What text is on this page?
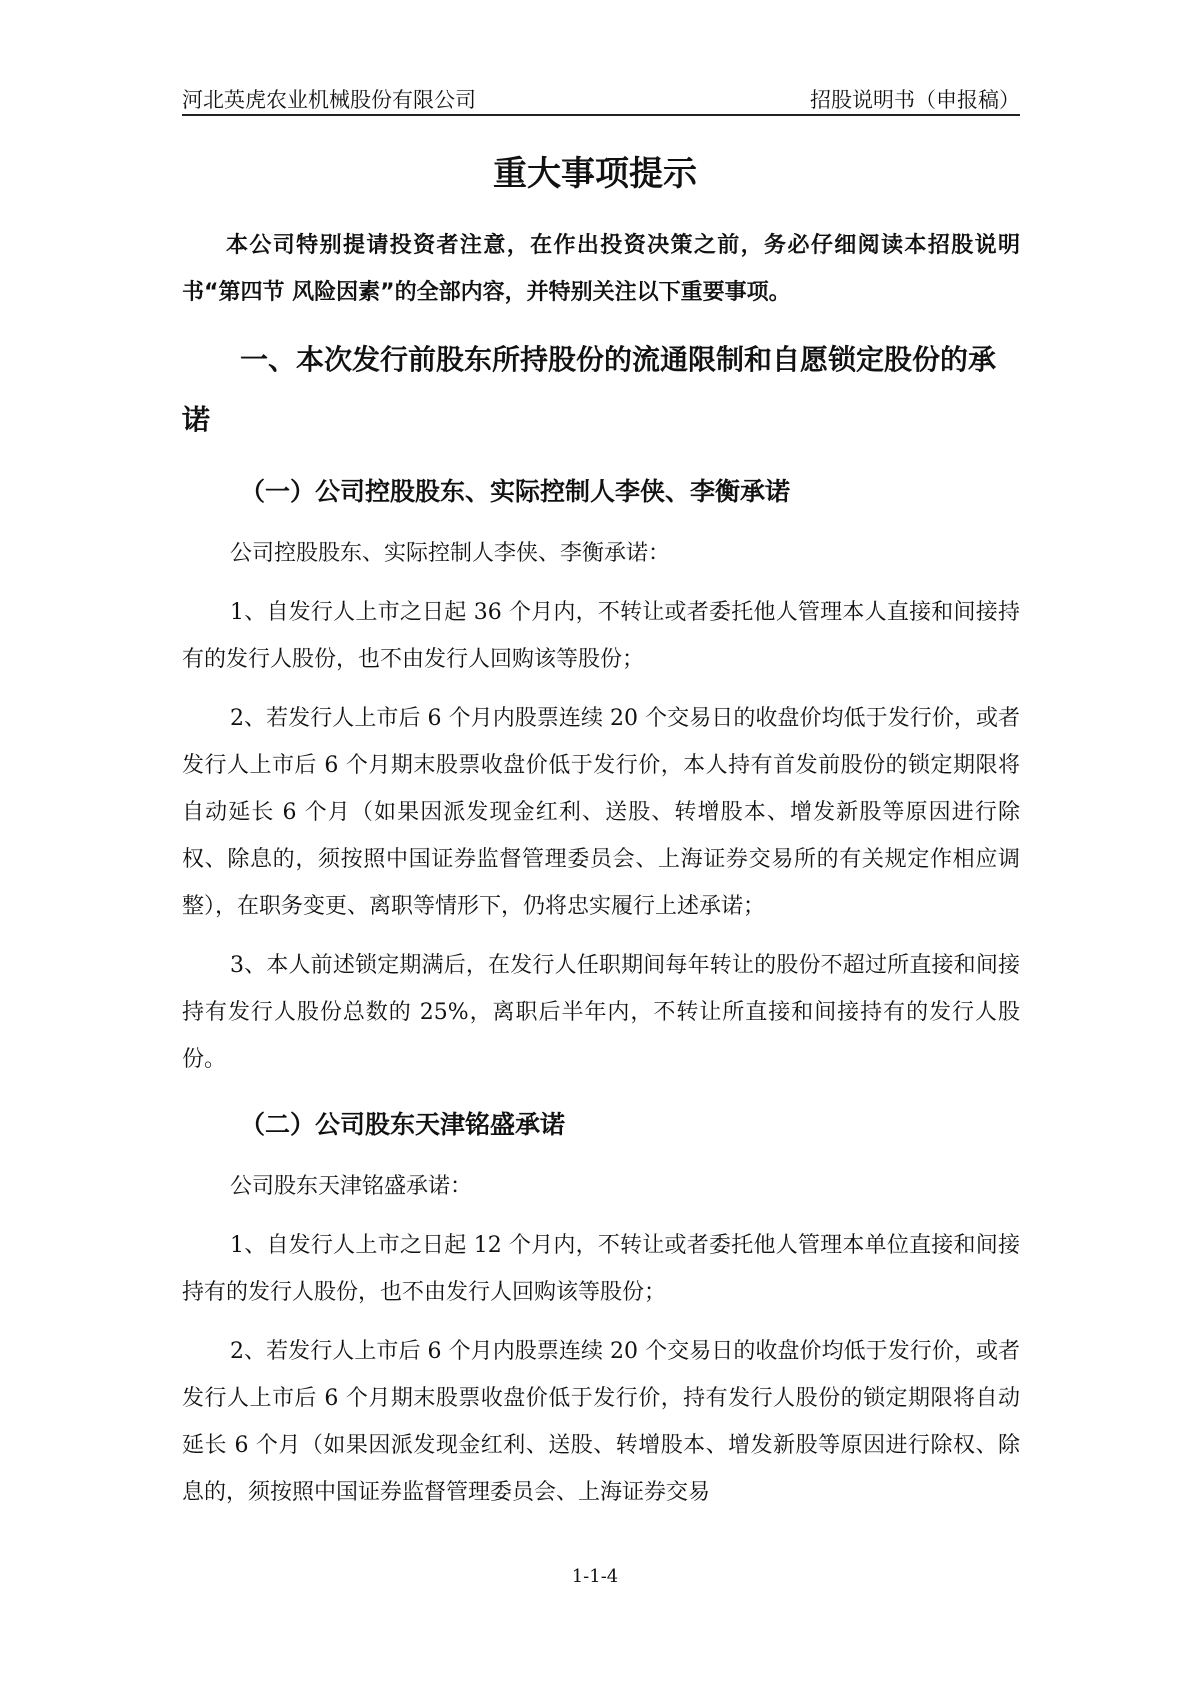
河北英虎农业机械股份有限公司	招股说明书（申报稿）
重大事项提示

本公司特别提请投资者注意，在作出投资决策之前，务必仔细阅读本招股说明书“第四节 风险因素”的全部内容，并特别关注以下重要事项。

一、本次发行前股东所持股份的流通限制和自愿锁定股份的承诺

（一）公司控股股东、实际控制人李侠、李衡承诺

公司控股股东、实际控制人李侠、李衡承诺：

1、自发行人上市之日起 36 个月内，不转让或者委托他人管理本人直接和间接持有的发行人股份，也不由发行人回购该等股份；

2、若发行人上市后 6 个月内股票连续 20 个交易日的收盘价均低于发行价，或者发行人上市后 6 个月期末股票收盘价低于发行价，本人持有首发前股份的锁定期限将自动延长 6 个月（如果因派发现金红利、送股、转增股本、增发新股等原因进行除权、除息的，须按照中国证券监督管理委员会、上海证券交易所的有关规定作相应调整），在职务变更、离职等情形下，仍将忠实履行上述承诺；

3、本人前述锁定期满后，在发行人任职期间每年转让的股份不超过所直接和间接持有发行人股份总数的 25%，离职后半年内，不转让所直接和间接持有的发行人股份。

（二）公司股东天津铭盛承诺

公司股东天津铭盛承诺：

1、自发行人上市之日起 12 个月内，不转让或者委托他人管理本单位直接和间接持有的发行人股份，也不由发行人回购该等股份；

2、若发行人上市后 6 个月内股票连续 20 个交易日的收盘价均低于发行价，或者发行人上市后 6 个月期末股票收盘价低于发行价，持有发行人股份的锁定期限将自动延长 6 个月（如果因派发现金红利、送股、转增股本、增发新股等原因进行除权、除息的，须按照中国证券监督管理委员会、上海证券交易

1-1-4
